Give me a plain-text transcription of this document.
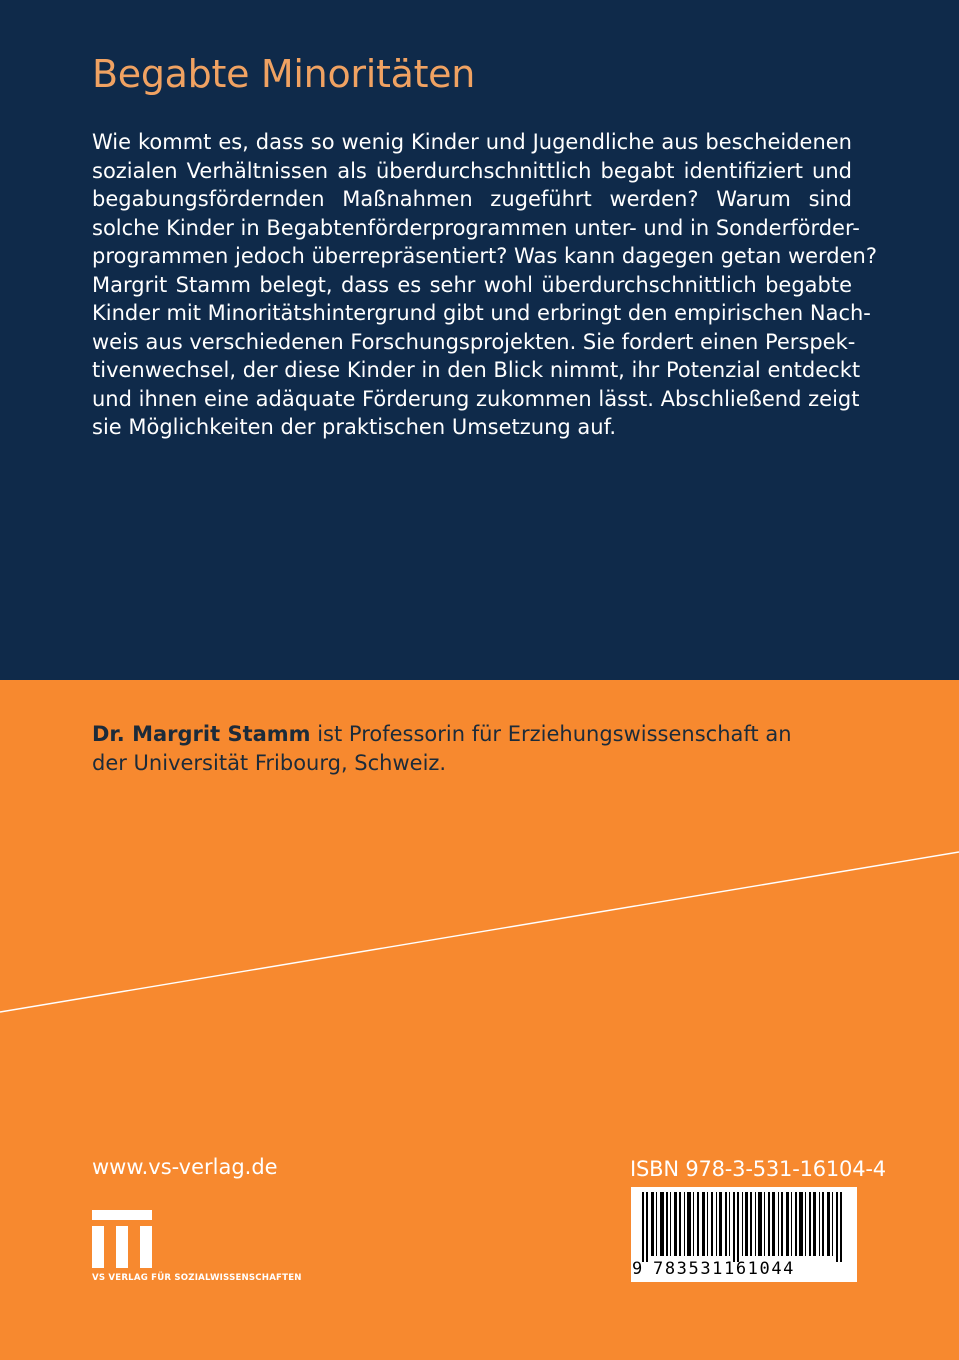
Begabte Minoritäten
Wie kommt es, dass so wenig Kinder und Jugendliche aus bescheidenen
sozialen Verhältnissen als überdurchschnittlich begabt identifiziert und
begabungsfördernden Maßnahmen zugeführt werden? Warum sind
solche Kinder in Begabtenförderprogrammen unter- und in Sonderförder-
programmen jedoch überrepräsentiert? Was kann dagegen getan werden?
Margrit Stamm belegt, dass es sehr wohl überdurchschnittlich begabte
Kinder mit Minoritätshintergrund gibt und erbringt den empirischen Nach-
weis aus verschiedenen Forschungsprojekten. Sie fordert einen Perspek-
tivenwechsel, der diese Kinder in den Blick nimmt, ihr Potenzial entdeckt
und ihnen eine adäquate Förderung zukommen lässt. Abschließend zeigt
sie Möglichkeiten der praktischen Umsetzung auf.

Dr. Margrit Stamm ist Professorin für Erziehungswissenschaft an der Universität Fribourg, Schweiz.

www.vs-verlag.de
VS VERLAG FÜR SOZIALWISSENSCHAFTEN
ISBN 978-3-531-16104-4
9 783531161044
